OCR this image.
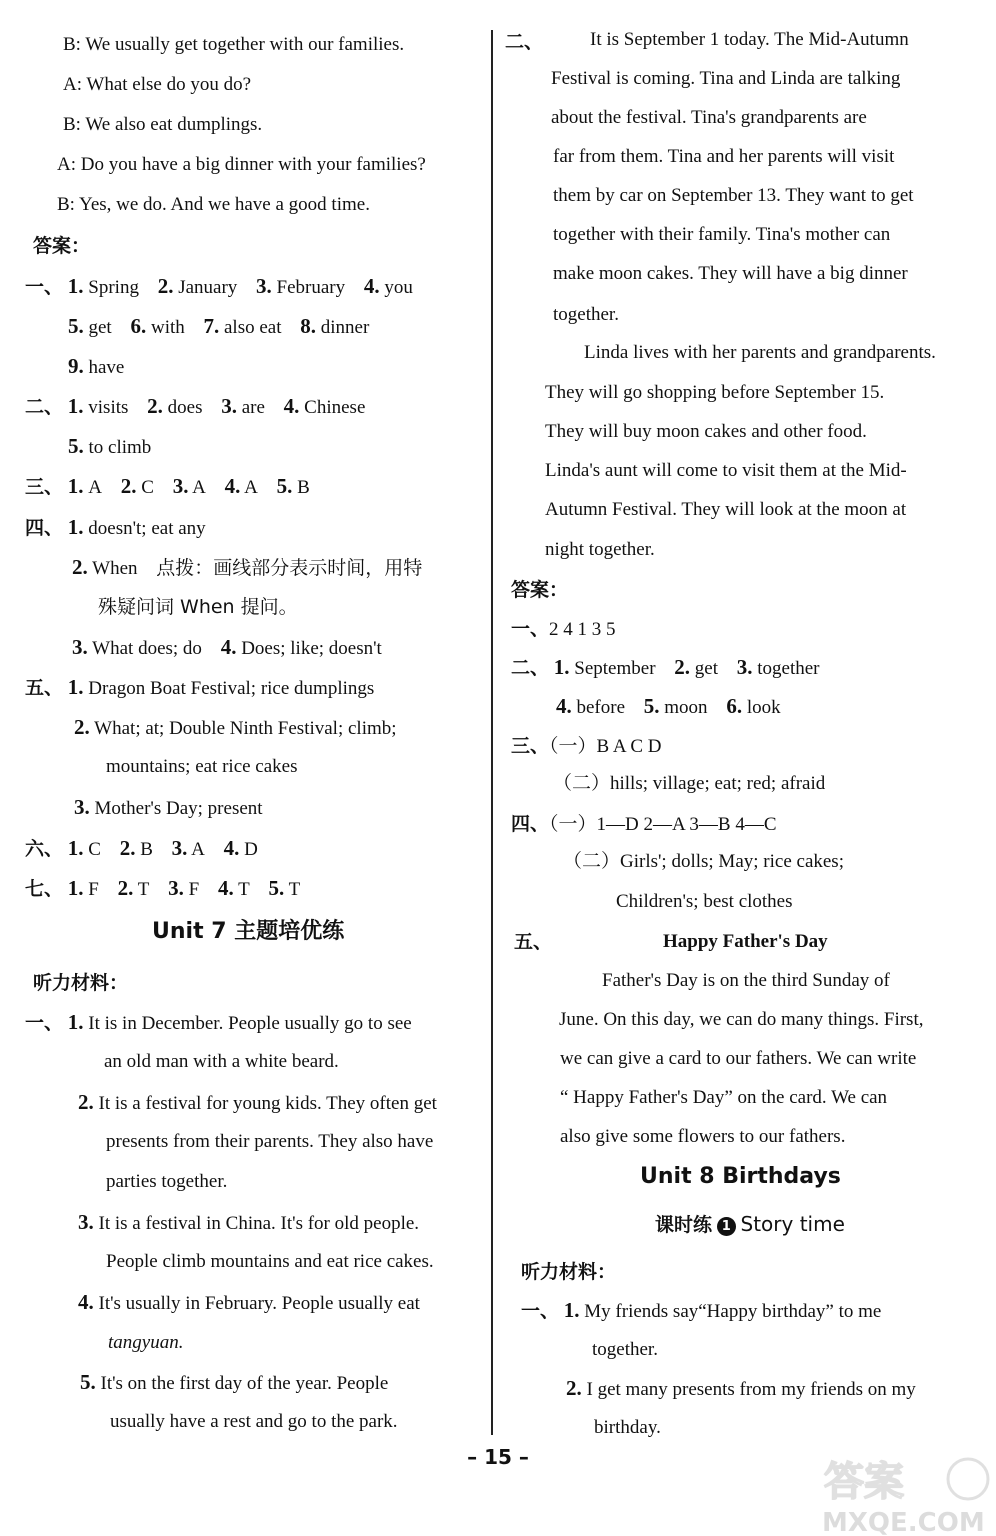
B: We usually get together with our families.
A: What else do you do?
B: We also eat dumplings.
A: Do you have a big dinner with your families?
B: Yes, we do. And we have a good time.
答案：
一、 1. Spring 2. January 3. February 4. you
5. get 6. with 7. also eat 8. dinner
9. have
二、 1. visits 2. does 3. are 4. Chinese
5. to climb
三、 1. A 2. C 3. A 4. A 5. B
四、 1. doesn't; eat any
2. When 点拨：画线部分表示时间，用特
殊疑问词 When 提问。
3. What does; do 4. Does; like; doesn't
五、 1. Dragon Boat Festival; rice dumplings
2. What; at; Double Ninth Festival; climb;
mountains; eat rice cakes
3. Mother's Day; present
六、 1. C 2. B 3. A 4. D
七、 1. F 2. T 3. F 4. T 5. T
Unit 7 主题培优练
听力材料：
一、 1. It is in December. People usually go to see
an old man with a white beard.
2. It is a festival for young kids. They often get
presents from their parents. They also have
parties together.
3. It is a festival in China. It's for old people.
People climb mountains and eat rice cakes.
4. It's usually in February. People usually eat
tangyuan.
5. It's on the first day of the year. People
usually have a rest and go to the park.
二、 It is September 1 today. The Mid-Autumn
Festival is coming. Tina and Linda are talking
about the festival. Tina's grandparents are
far from them. Tina and her parents will visit
them by car on September 13. They want to get
together with their family. Tina's mother can
make moon cakes. They will have a big dinner
together.
Linda lives with her parents and grandparents.
They will go shopping before September 15.
They will buy moon cakes and other food.
Linda's aunt will come to visit them at the Mid-
Autumn Festival. They will look at the moon at
night together.
答案：
一、2 4 1 3 5
二、 1. September 2. get 3. together
4. before 5. moon 6. look
三、（一）B A C D
（二）hills; village; eat; red; afraid
四、（一）1—D 2—A 3—B 4—C
（二）Girls'; dolls; May; rice cakes;
Children's; best clothes
五、	Happy Father's Day
Father's Day is on the third Sunday of
June. On this day, we can do many things. First,
we can give a card to our fathers. We can write
“ Happy Father's Day” on the card. We can
also give some flowers to our fathers.
Unit 8 Birthdays
课时练 1 Story time
听力材料：
一、 1. My friends say“Happy birthday” to me
together.
2. I get many presents from my friends on my
birthday.
– 15 –
答案
MXQE.COM
